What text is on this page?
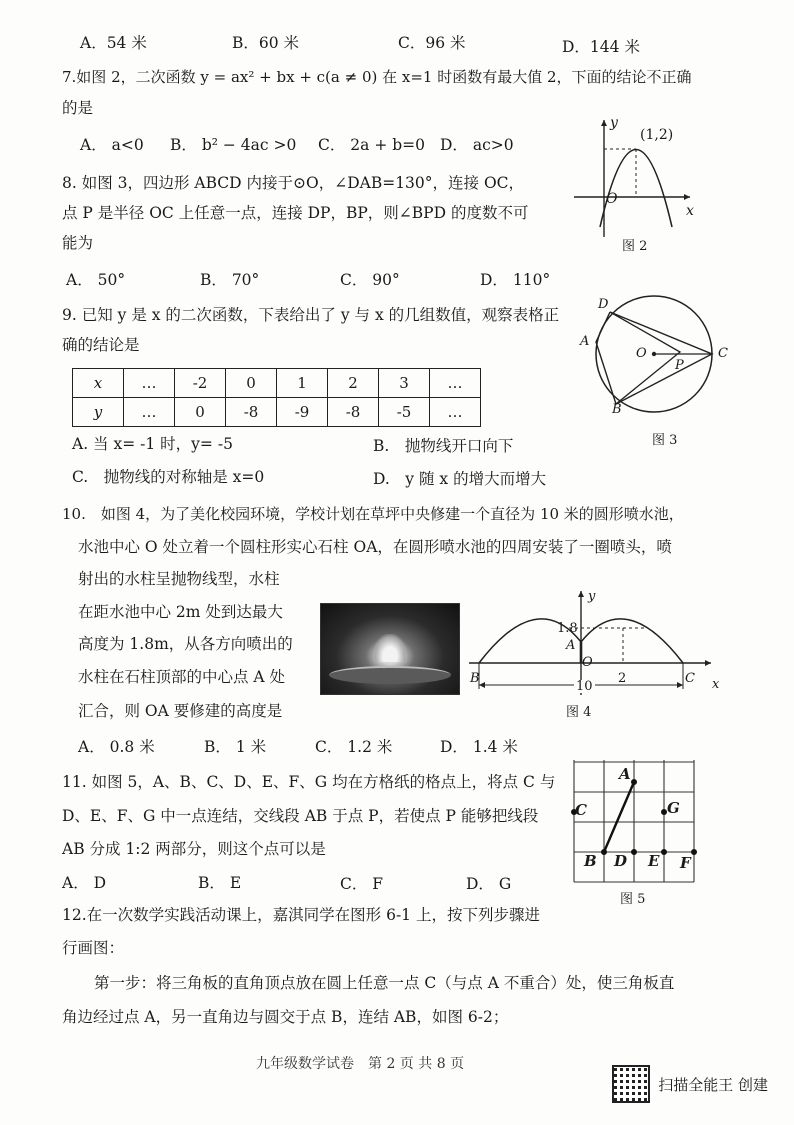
A．54 米	B．60 米	C．96 米	D．144 米
7.如图 2，二次函数 y = ax² + bx + c(a ≠ 0) 在 x=1 时函数有最大值 2，下面的结论不正确
的是
A． a<0 B． b² − 4ac >0 C． 2a + b=0 D． ac>0
y
(1,2)
O
x
图 2
8. 如图 3，四边形 ABCD 内接于⊙O，∠DAB=130°，连接 OC，
点 P 是半径 OC 上任意一点，连接 DP，BP，则∠BPD 的度数不可
能为
A． 50°	B． 70°	C． 90°	D． 110°
D
A
O
P
C
B
图 3
9. 已知 y 是 x 的二次函数，下表给出了 y 与 x 的几组数值，观察表格正
确的结论是
x	…	-2	0	1	2	3	…
y	…	0	-8	-9	-8	-5	…
A. 当 x= -1 时，y= -5	B.　抛物线开口向下
C.　抛物线的对称轴是 x=0	D.　y 随 x 的增大而增大
10.　如图 4，为了美化校园环境，学校计划在草坪中央修建一个直径为 10 米的圆形喷水池，
水池中心 O 处立着一个圆柱形实心石柱 OA，在圆形喷水池的四周安装了一圈喷头，喷
射出的水柱呈抛物线型，水柱
在距水池中心 2m 处到达最大
高度为 1.8m，从各方向喷出的
水柱在石柱顶部的中心点 A 处
汇合，则 OA 要修建的高度是
A． 0.8 米	B． 1 米	C． 1.2 米	D． 1.4 米
y
1.8
A
O
B	C x
2
10
图 4
11. 如图 5，A、B、C、D、E、F、G 均在方格纸的格点上，将点 C 与
D、E、F、G 中一点连结，交线段 AB 于点 P，若使点 P 能够把线段
AB 分成 1:2 两部分，则这个点可以是
A． D	B． E	C． F	D． G
A
C	G
B D E F
图 5
12.在一次数学实践活动课上，嘉淇同学在图形 6-1 上，按下列步骤进
行画图：
第一步：将三角板的直角顶点放在圆上任意一点 C（与点 A 不重合）处，使三角板直
角边经过点 A，另一直角边与圆交于点 B，连结 AB，如图 6-2；
九年级数学试卷　第 2 页 共 8 页
扫描全能王 创建
